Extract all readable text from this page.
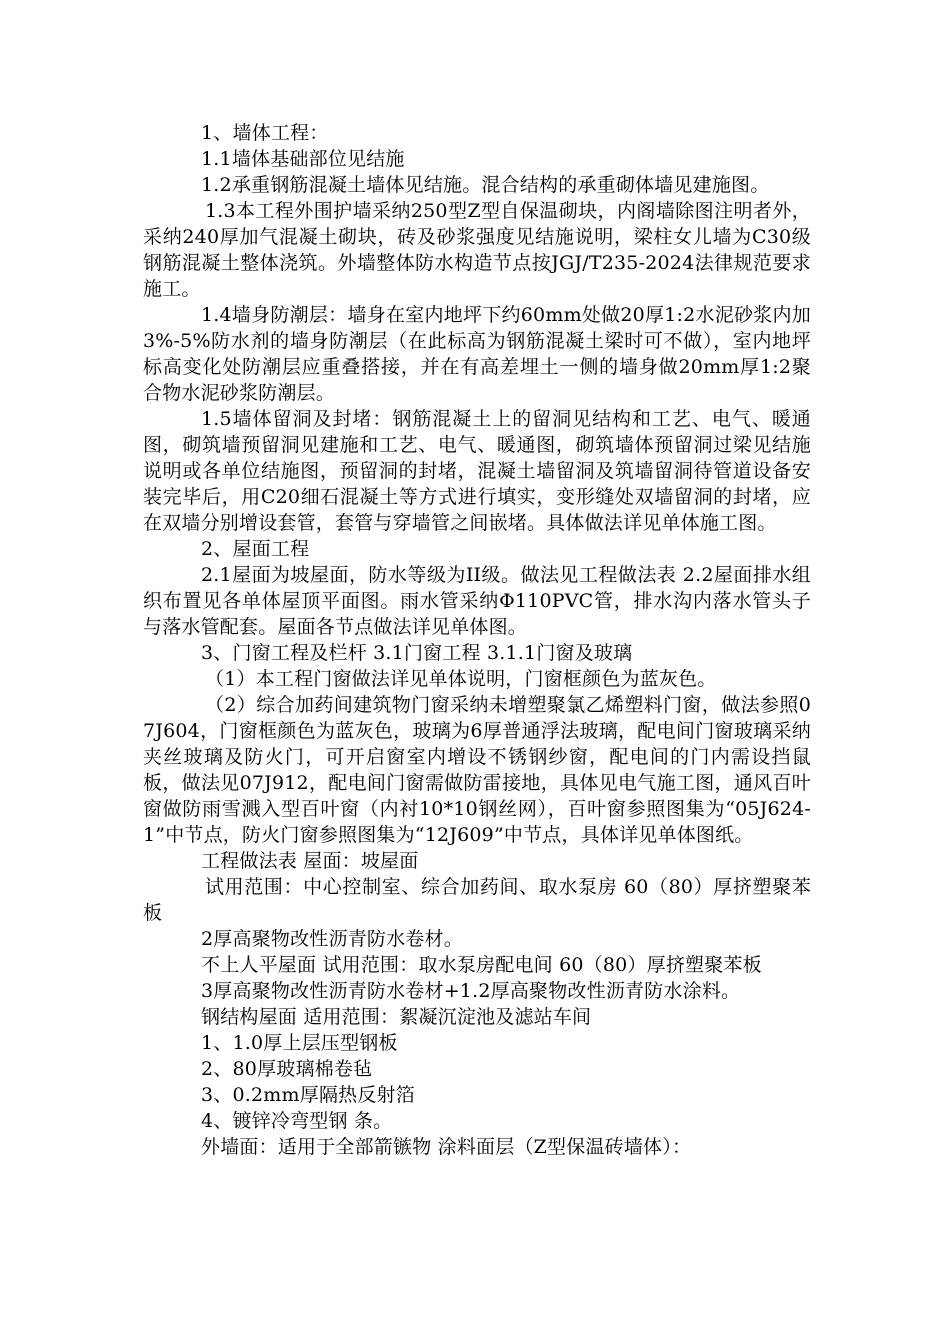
1、墙体工程：

1.1墙体基础部位见结施

1.2承重钢筋混凝土墙体见结施。混合结构的承重砌体墙见建施图。

1.3本工程外围护墙采纳250型Z型自保温砌块，内阁墙除图注明者外，采纳240厚加气混凝土砌块，砖及砂浆强度见结施说明，梁柱女儿墙为C30级钢筋混凝土整体浇筑。外墙整体防水构造节点按JGJ/T235-2024法律规范要求施工。

1.4墙身防潮层：墙身在室内地坪下约60mm处做20厚1:2水泥砂浆内加3%-5%防水剂的墙身防潮层（在此标高为钢筋混凝土梁时可不做），室内地坪标高变化处防潮层应重叠搭接，并在有高差埋土一侧的墙身做20mm厚1:2聚合物水泥砂浆防潮层。

1.5墙体留洞及封堵：钢筋混凝土上的留洞见结构和工艺、电气、暖通图，砌筑墙预留洞见建施和工艺、电气、暖通图，砌筑墙体预留洞过梁见结施说明或各单位结施图，预留洞的封堵，混凝土墙留洞及筑墙留洞待管道设备安装完毕后，用C20细石混凝土等方式进行填实，变形缝处双墙留洞的封堵，应在双墙分别增设套管，套管与穿墙管之间嵌堵。具体做法详见单体施工图。

2、屋面工程

2.1屋面为坡屋面，防水等级为II级。做法见工程做法表 2.2屋面排水组织布置见各单体屋顶平面图。雨水管采纳Φ110PVC管，排水沟内落水管头子与落水管配套。屋面各节点做法详见单体图。

3、门窗工程及栏杆 3.1门窗工程 3.1.1门窗及玻璃

（1）本工程门窗做法详见单体说明，门窗框颜色为蓝灰色。

（2）综合加药间建筑物门窗采纳未增塑聚氯乙烯塑料门窗，做法参照07J604，门窗框颜色为蓝灰色，玻璃为6厚普通浮法玻璃，配电间门窗玻璃采纳夹丝玻璃及防火门，可开启窗室内增设不锈钢纱窗，配电间的门内需设挡鼠板，做法见07J912，配电间门窗需做防雷接地，具体见电气施工图，通风百叶窗做防雨雪溅入型百叶窗（内衬10*10钢丝网），百叶窗参照图集为“05J624-1”中节点，防火门窗参照图集为“12J609”中节点，具体详见单体图纸。

工程做法表 屋面：坡屋面

试用范围：中心控制室、综合加药间、取水泵房 60（80）厚挤塑聚苯板

2厚高聚物改性沥青防水卷材。

不上人平屋面 试用范围：取水泵房配电间 60（80）厚挤塑聚苯板

3厚高聚物改性沥青防水卷材+1.2厚高聚物改性沥青防水涂料。

钢结构屋面 适用范围：絮凝沉淀池及滤站车间

1、1.0厚上层压型钢板

2、80厚玻璃棉卷毡

3、0.2mm厚隔热反射箔

4、镀锌冷弯型钢 条。

外墙面：适用于全部箭镞物 涂料面层（Z型保温砖墙体）：
